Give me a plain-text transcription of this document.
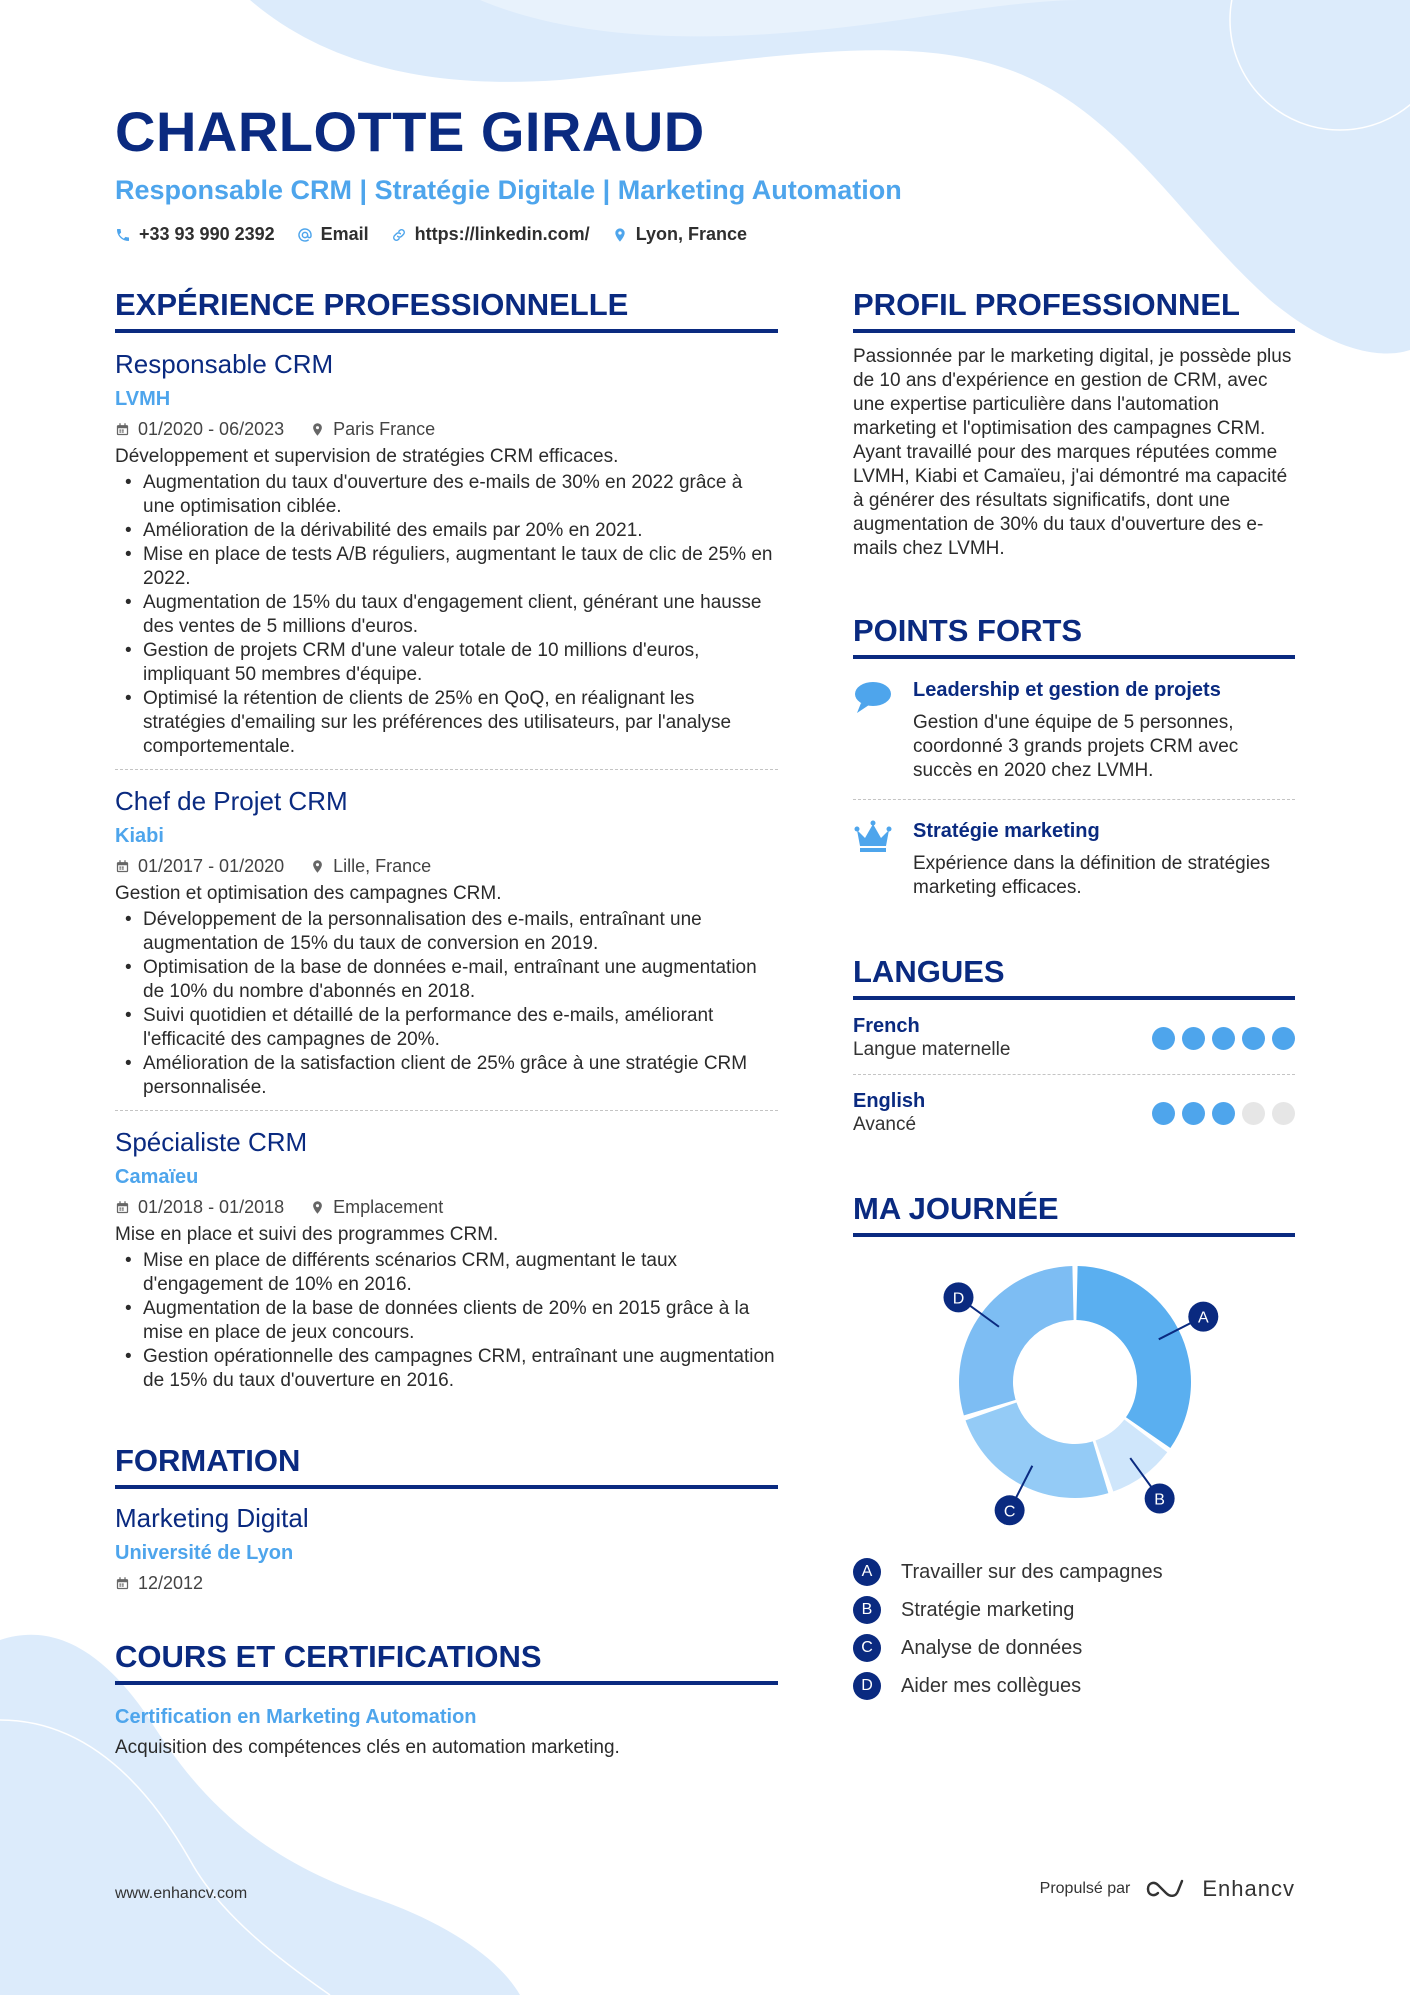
CHARLOTTE GIRAUD
Responsable CRM | Stratégie Digitale | Marketing Automation
+33 93 990 2392	Email	https://linkedin.com/	Lyon, France
EXPÉRIENCE PROFESSIONNELLE
Responsable CRM
LVMH
01/2020 - 06/2023	Paris France
Développement et supervision de stratégies CRM efficaces.
• Augmentation du taux d'ouverture des e-mails de 30% en 2022 grâce à une optimisation ciblée.
• Amélioration de la dérivabilité des emails par 20% en 2021.
• Mise en place de tests A/B réguliers, augmentant le taux de clic de 25% en 2022.
• Augmentation de 15% du taux d'engagement client, générant une hausse des ventes de 5 millions d'euros.
• Gestion de projets CRM d'une valeur totale de 10 millions d'euros, impliquant 50 membres d'équipe.
• Optimisé la rétention de clients de 25% en QoQ, en réalignant les stratégies d'emailing sur les préférences des utilisateurs, par l'analyse comportementale.
Chef de Projet CRM
Kiabi
01/2017 - 01/2020	Lille, France
Gestion et optimisation des campagnes CRM.
• Développement de la personnalisation des e-mails, entraînant une augmentation de 15% du taux de conversion en 2019.
• Optimisation de la base de données e-mail, entraînant une augmentation de 10% du nombre d'abonnés en 2018.
• Suivi quotidien et détaillé de la performance des e-mails, améliorant l'efficacité des campagnes de 20%.
• Amélioration de la satisfaction client de 25% grâce à une stratégie CRM personnalisée.
Spécialiste CRM
Camaïeu
01/2018 - 01/2018	Emplacement
Mise en place et suivi des programmes CRM.
• Mise en place de différents scénarios CRM, augmentant le taux d'engagement de 10% en 2016.
• Augmentation de la base de données clients de 20% en 2015 grâce à la mise en place de jeux concours.
• Gestion opérationnelle des campagnes CRM, entraînant une augmentation de 15% du taux d'ouverture en 2016.
FORMATION
Marketing Digital
Université de Lyon
12/2012
COURS ET CERTIFICATIONS
Certification en Marketing Automation
Acquisition des compétences clés en automation marketing.
PROFIL PROFESSIONNEL
Passionnée par le marketing digital, je possède plus de 10 ans d'expérience en gestion de CRM, avec une expertise particulière dans l'automation marketing et l'optimisation des campagnes CRM. Ayant travaillé pour des marques réputées comme LVMH, Kiabi et Camaïeu, j'ai démontré ma capacité à générer des résultats significatifs, dont une augmentation de 30% du taux d'ouverture des e-mails chez LVMH.
POINTS FORTS
Leadership et gestion de projets
Gestion d'une équipe de 5 personnes, coordonné 3 grands projets CRM avec succès en 2020 chez LVMH.
Stratégie marketing
Expérience dans la définition de stratégies marketing efficaces.
LANGUES
French
Langue maternelle
English
Avancé
MA JOURNÉE
A
B
C
D
A	Travailler sur des campagnes
B	Stratégie marketing
C	Analyse de données
D	Aider mes collègues
www.enhancv.com	Propulsé par	Enhancv
